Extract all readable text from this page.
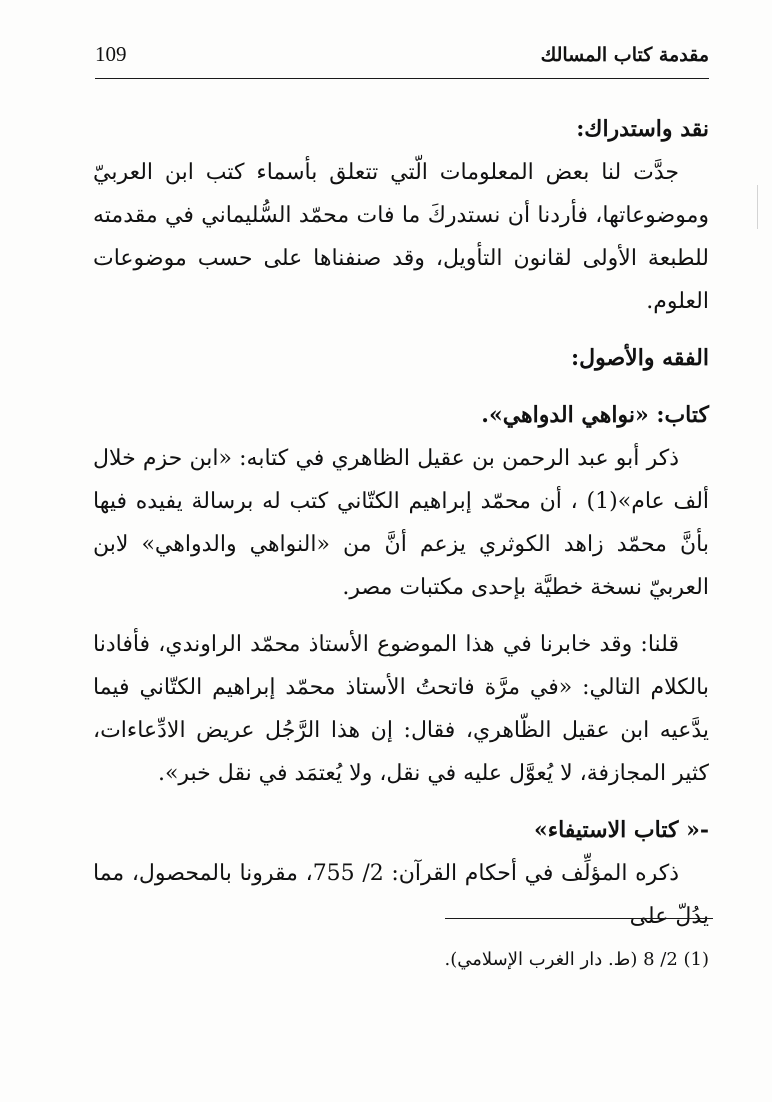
مقدمة كتاب المسالك
109

نقد واستدراك:

جدَّت لنا بعض المعلومات الّتي تتعلق بأسماء كتب ابن العربيّ وموضوعاتها، فأردنا أن نستدركَ ما فات محمّد السُّليماني في مقدمته للطبعة الأولى لقانون التأويل، وقد صنفناها على حسب موضوعات العلوم.

الفقه والأصول:

كتاب: «نواهي الدواهي».

ذكر أبو عبد الرحمن بن عقيل الظاهري في كتابه: «ابن حزم خلال ألف عام»(1) ، أن محمّد إبراهيم الكتّاني كتب له برسالة يفيده فيها بأنَّ محمّد زاهد الكوثري يزعم أنَّ من «النواهي والدواهي» لابن العربيّ نسخة خطيَّة بإحدى مكتبات مصر.

قلنا: وقد خابرنا في هذا الموضوع الأستاذ محمّد الراوندي، فأفادنا بالكلام التالي: «في مرَّة فاتحتُ الأستاذ محمّد إبراهيم الكتّاني فيما يدَّعيه ابن عقيل الظّاهري، فقال: إن هذا الرَّجُل عريض الادِّعاءات، كثير المجازفة، لا يُعوَّل عليه في نقل، ولا يُعتمَد في نقل خبر».

-« كتاب الاستيفاء»

ذكره المؤلِّف في أحكام القرآن: 2/ 755، مقرونا بالمحصول، مما يدُلّ على

(1) 2/ 8 (ط. دار الغرب الإسلامي).
